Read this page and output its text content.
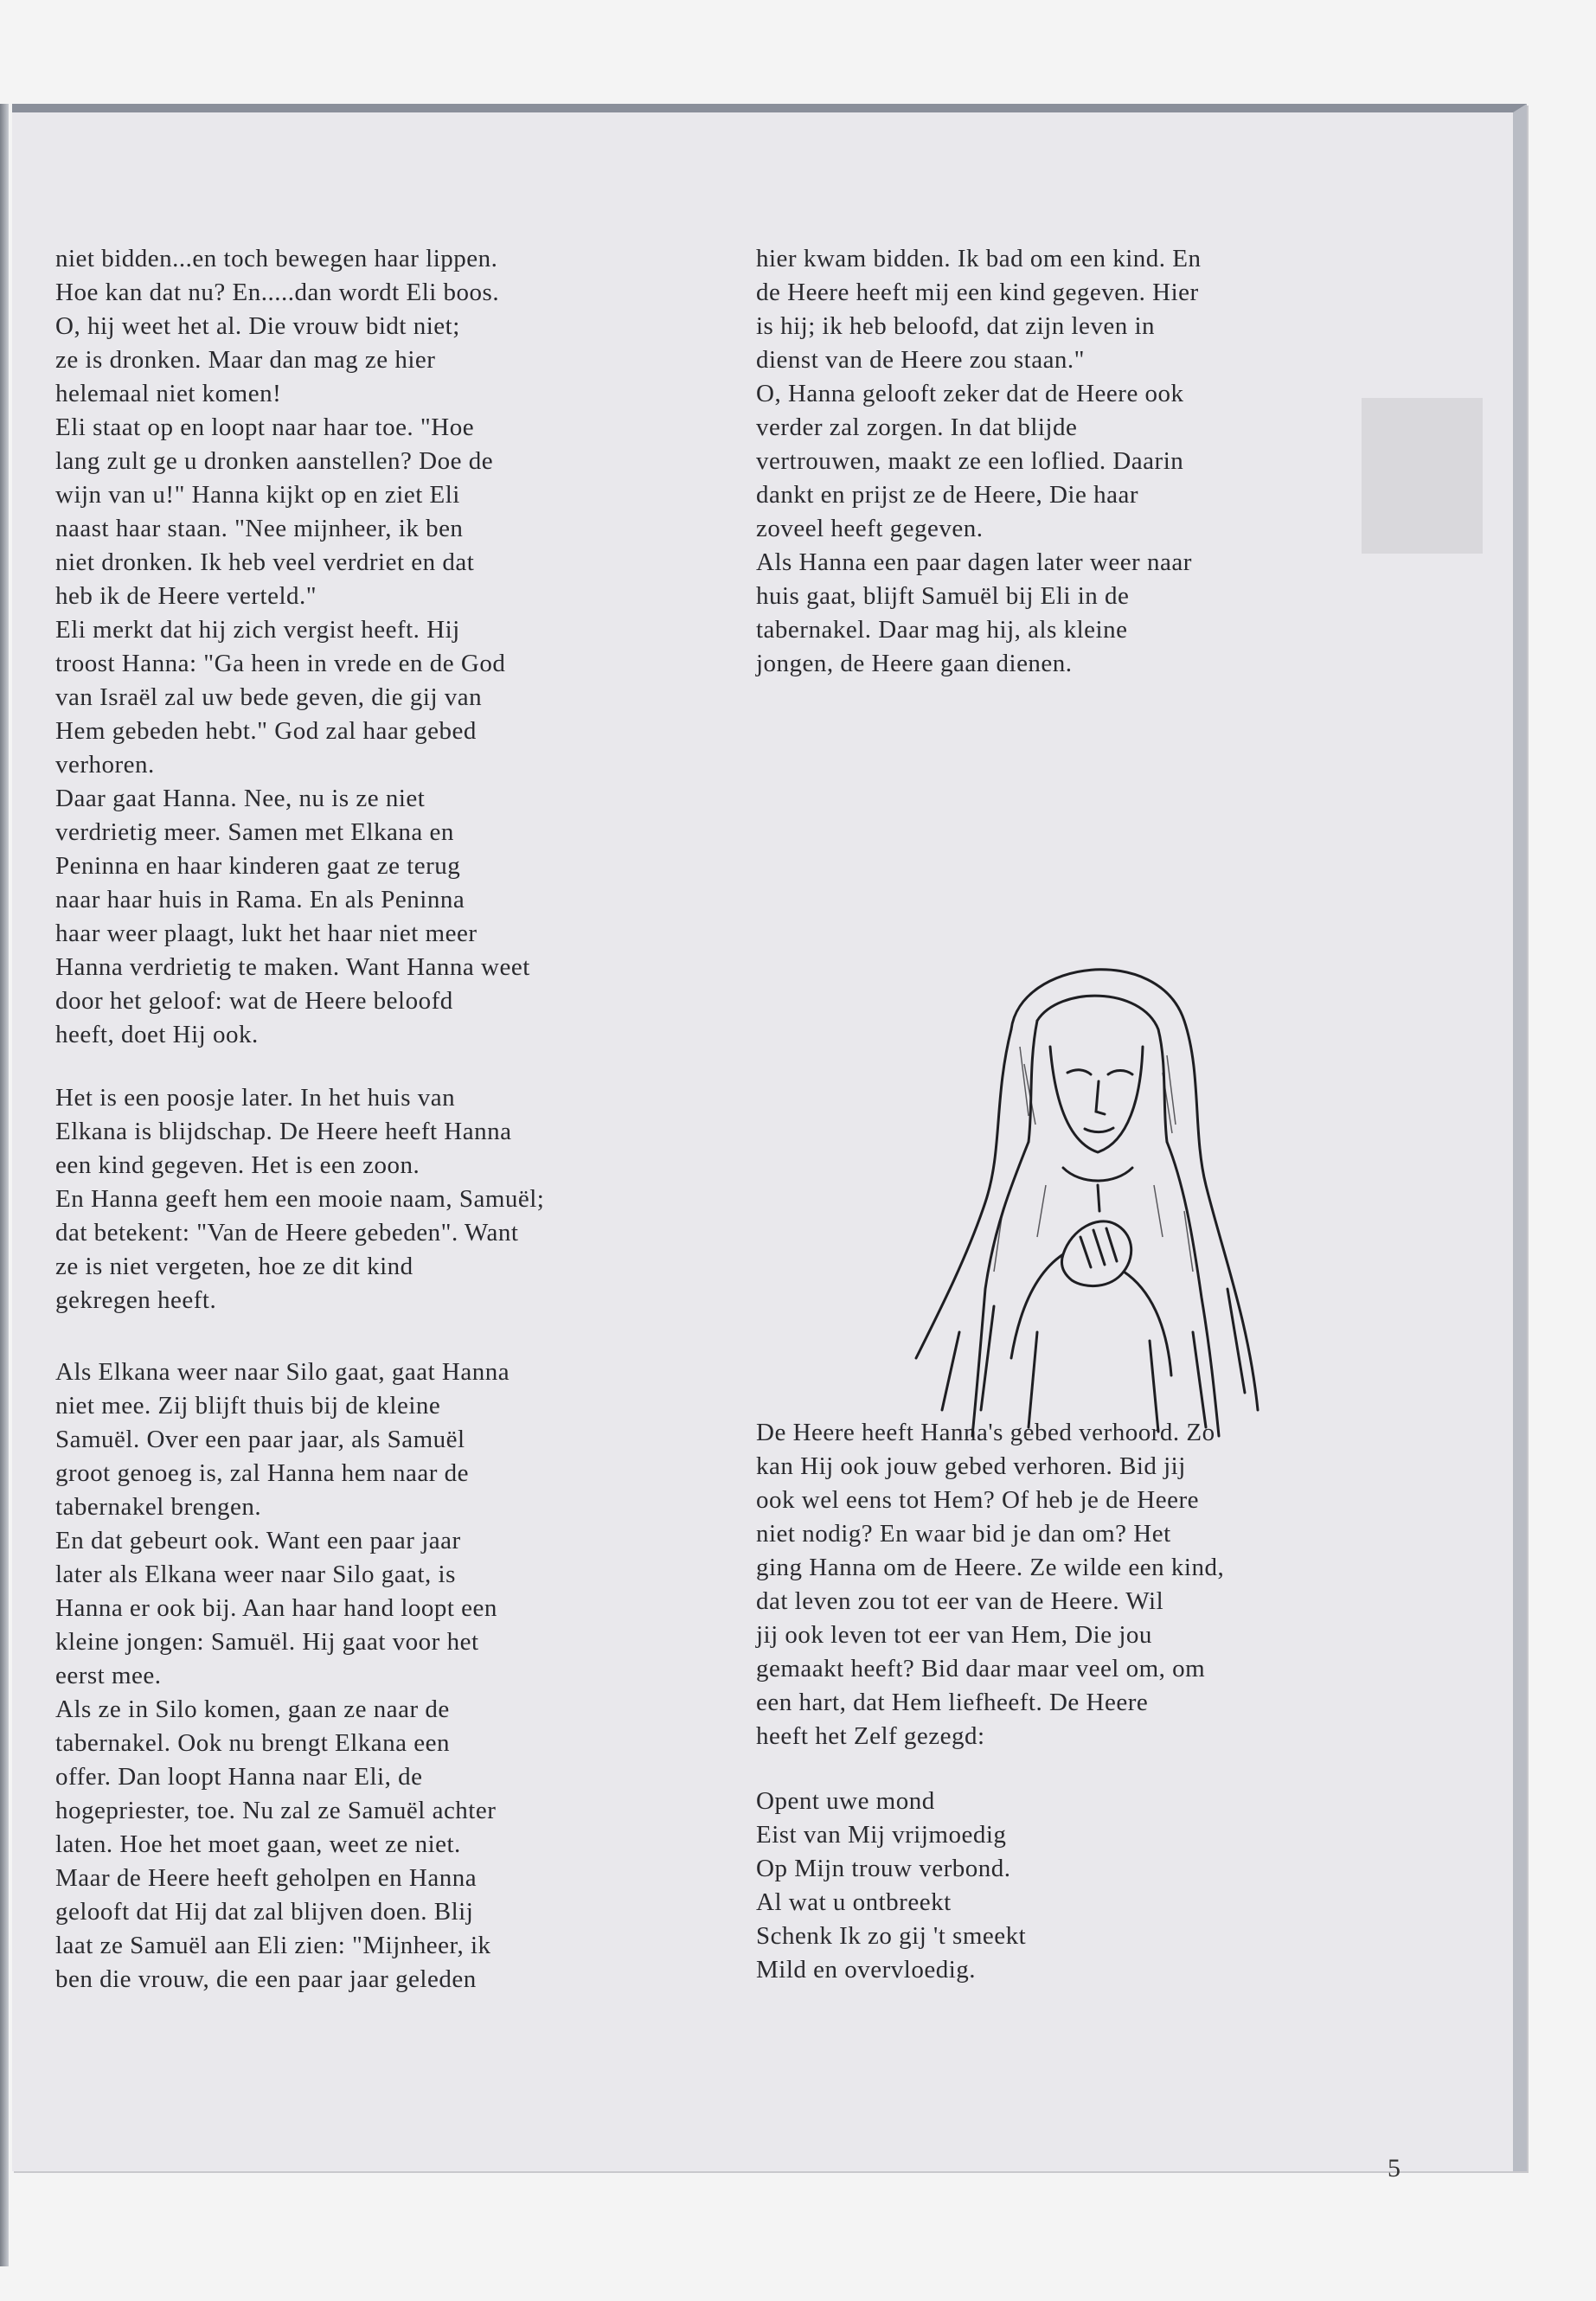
niet bidden...en toch bewegen haar lippen.
Hoe kan dat nu? En.....dan wordt Eli boos.
O, hij weet het al. Die vrouw bidt niet;
ze is dronken. Maar dan mag ze hier
helemaal niet komen!
Eli staat op en loopt naar haar toe. "Hoe
lang zult ge u dronken aanstellen? Doe de
wijn van u!" Hanna kijkt op en ziet Eli
naast haar staan. "Nee mijnheer, ik ben
niet dronken. Ik heb veel verdriet en dat
heb ik de Heere verteld."
Eli merkt dat hij zich vergist heeft. Hij
troost Hanna: "Ga heen in vrede en de God
van Israël zal uw bede geven, die gij van
Hem gebeden hebt." God zal haar gebed
verhoren.
Daar gaat Hanna. Nee, nu is ze niet
verdrietig meer. Samen met Elkana en
Peninna en haar kinderen gaat ze terug
naar haar huis in Rama. En als Peninna
haar weer plaagt, lukt het haar niet meer
Hanna verdrietig te maken. Want Hanna weet
door het geloof: wat de Heere beloofd
heeft, doet Hij ook.

Het is een poosje later. In het huis van
Elkana is blijdschap. De Heere heeft Hanna
een kind gegeven. Het is een zoon.
En Hanna geeft hem een mooie naam, Samuël;
dat betekent: "Van de Heere gebeden". Want
ze is niet vergeten, hoe ze dit kind
gekregen heeft.

Als Elkana weer naar Silo gaat, gaat Hanna
niet mee. Zij blijft thuis bij de kleine
Samuël. Over een paar jaar, als Samuël
groot genoeg is, zal Hanna hem naar de
tabernakel brengen.
En dat gebeurt ook. Want een paar jaar
later als Elkana weer naar Silo gaat, is
Hanna er ook bij. Aan haar hand loopt een
kleine jongen: Samuël. Hij gaat voor het
eerst mee.
Als ze in Silo komen, gaan ze naar de
tabernakel. Ook nu brengt Elkana een
offer. Dan loopt Hanna naar Eli, de
hogepriester, toe. Nu zal ze Samuël achter
laten. Hoe het moet gaan, weet ze niet.
Maar de Heere heeft geholpen en Hanna
gelooft dat Hij dat zal blijven doen. Blij
laat ze Samuël aan Eli zien: "Mijnheer, ik
ben die vrouw, die een paar jaar geleden

hier kwam bidden. Ik bad om een kind. En
de Heere heeft mij een kind gegeven. Hier
is hij; ik heb beloofd, dat zijn leven in
dienst van de Heere zou staan."
O, Hanna gelooft zeker dat de Heere ook
verder zal zorgen. In dat blijde
vertrouwen, maakt ze een loflied. Daarin
dankt en prijst ze de Heere, Die haar
zoveel heeft gegeven.
Als Hanna een paar dagen later weer naar
huis gaat, blijft Samuël bij Eli in de
tabernakel. Daar mag hij, als kleine
jongen, de Heere gaan dienen.

De Heere heeft Hanna's gebed verhoord. Zo
kan Hij ook jouw gebed verhoren. Bid jij
ook wel eens tot Hem? Of heb je de Heere
niet nodig? En waar bid je dan om? Het
ging Hanna om de Heere. Ze wilde een kind,
dat leven zou tot eer van de Heere. Wil
jij ook leven tot eer van Hem, Die jou
gemaakt heeft? Bid daar maar veel om, om
een hart, dat Hem liefheeft. De Heere
heeft het Zelf gezegd:

Opent uwe mond
Eist van Mij vrijmoedig
Op Mijn trouw verbond.
Al wat u ontbreekt
Schenk Ik zo gij 't smeekt
Mild en overvloedig.

5
